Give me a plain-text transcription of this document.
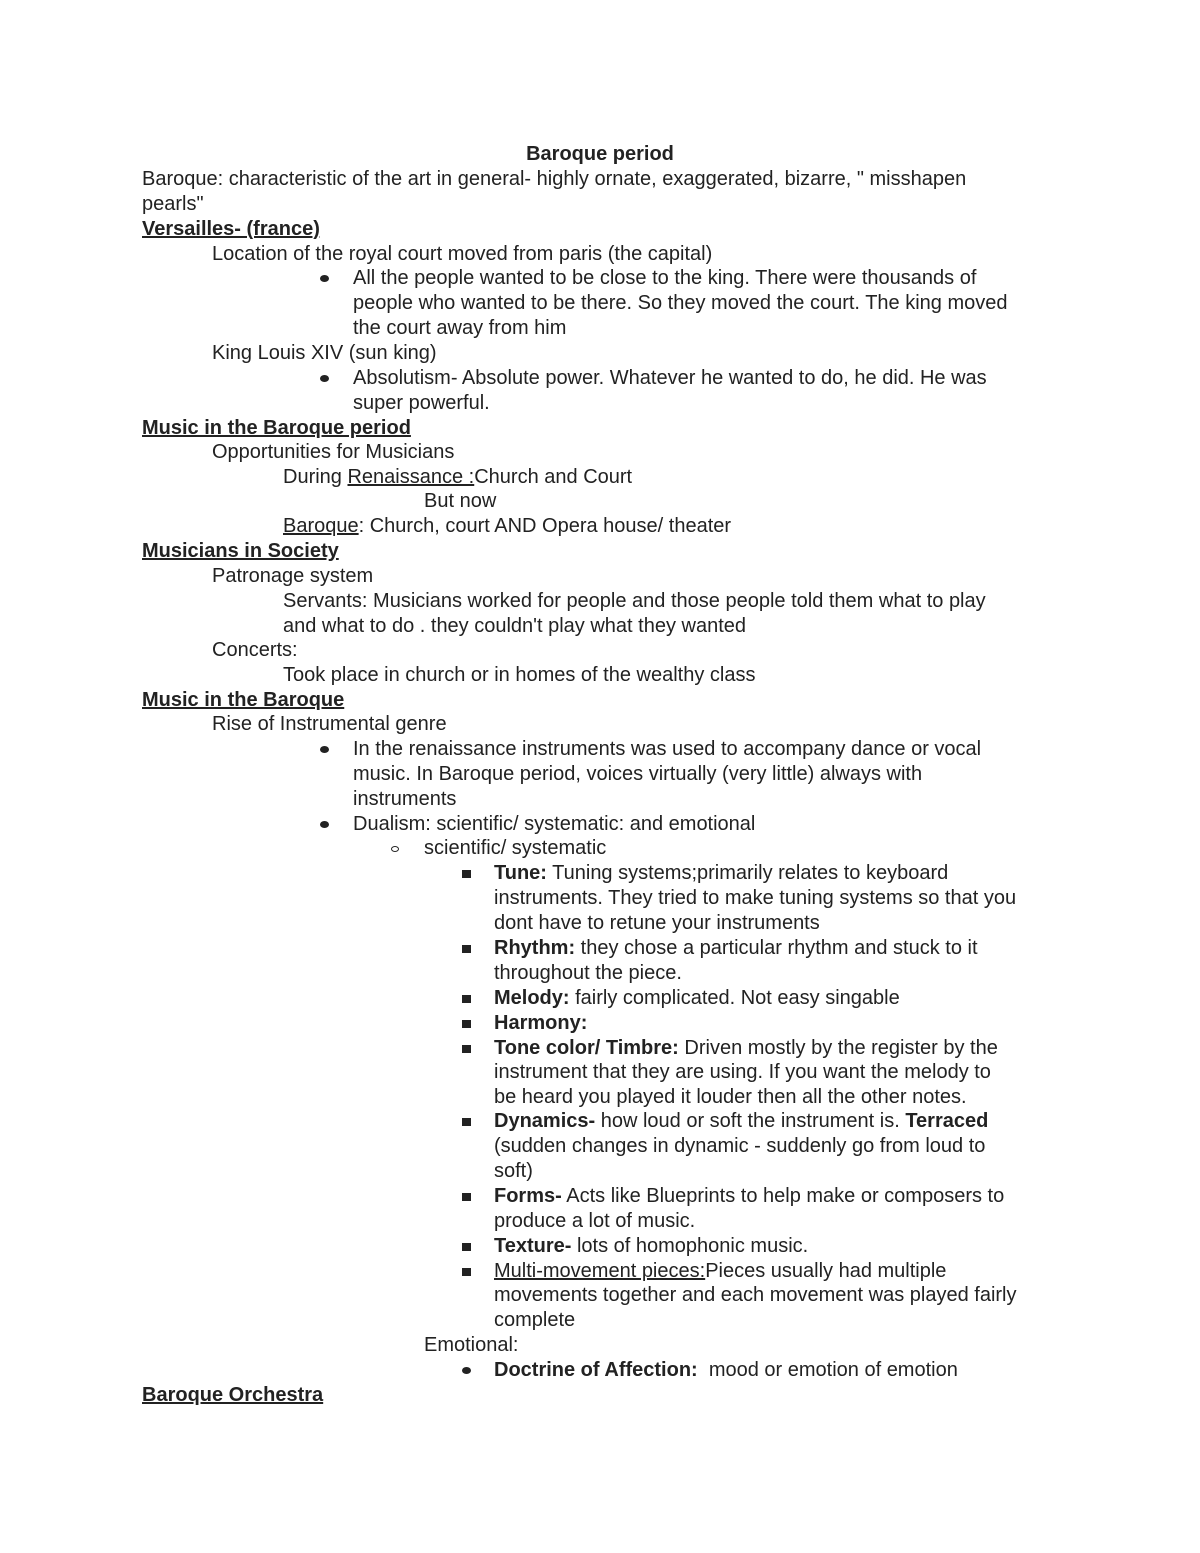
Baroque period
Baroque: characteristic of the art in general- highly ornate, exaggerated, bizarre, " misshapen
pearls"
Versailles- (france)
Location of the royal court moved from paris (the capital)
All the people wanted to be close to the king. There were thousands of
people who wanted to be there. So they moved the court. The king moved
the court away from him
King Louis XIV (sun king)
Absolutism- Absolute power. Whatever he wanted to do, he did. He was
super powerful.
Music in the Baroque period
Opportunities for Musicians
During Renaissance :Church and Court
But now
Baroque: Church, court AND Opera house/ theater
Musicians in Society
Patronage system
Servants: Musicians worked for people and those people told them what to play
and what to do . they couldn't play what they wanted
Concerts:
Took place in church or in homes of the wealthy class
Music in the Baroque
Rise of Instrumental genre
In the renaissance instruments was used to accompany dance or vocal
music. In Baroque period, voices virtually (very little) always with
instruments
Dualism: scientific/ systematic: and emotional
scientific/ systematic
Tune: Tuning systems;primarily relates to keyboard
instruments. They tried to make tuning systems so that you
dont have to retune your instruments
Rhythm: they chose a particular rhythm and stuck to it
throughout the piece.
Melody: fairly complicated. Not easy singable
Harmony:
Tone color/ Timbre: Driven mostly by the register by the
instrument that they are using. If you want the melody to
be heard you played it louder then all the other notes.
Dynamics- how loud or soft the instrument is. Terraced
(sudden changes in dynamic - suddenly go from loud to
soft)
Forms- Acts like Blueprints to help make or composers to
produce a lot of music.
Texture- lots of homophonic music.
Multi-movement pieces:Pieces usually had multiple
movements together and each movement was played fairly
complete
Emotional:
Doctrine of Affection:  mood or emotion of emotion
Baroque Orchestra
